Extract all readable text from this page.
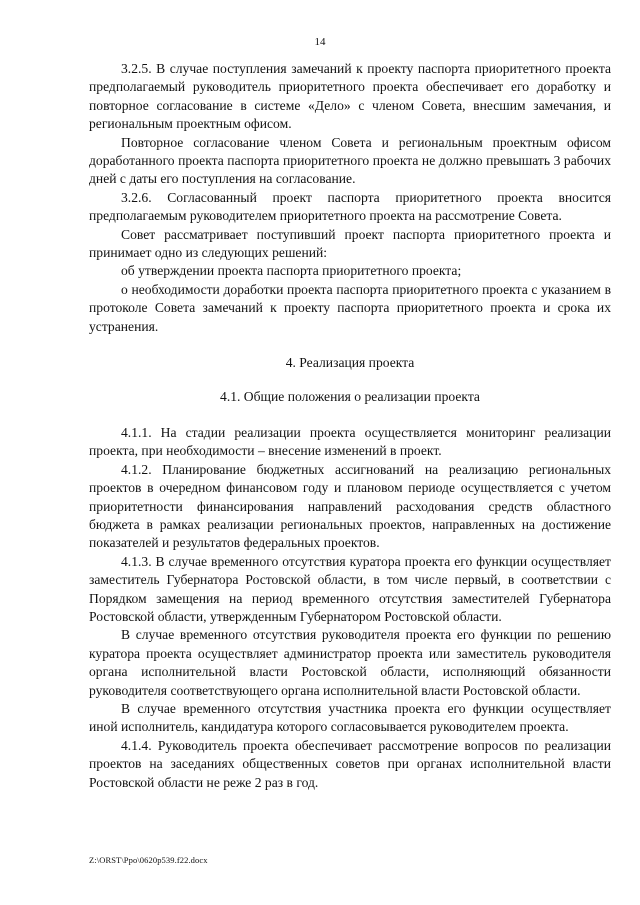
14

3.2.5. В случае поступления замечаний к проекту паспорта приоритетного проекта предполагаемый руководитель приоритетного проекта обеспечивает его доработку и повторное согласование в системе «Дело» с членом Совета, внесшим замечания, и региональным проектным офисом.

Повторное согласование членом Совета и региональным проектным офисом доработанного проекта паспорта приоритетного проекта не должно превышать 3 рабочих дней с даты его поступления на согласование.

3.2.6. Согласованный проект паспорта приоритетного проекта вносится предполагаемым руководителем приоритетного проекта на рассмотрение Совета.

Совет рассматривает поступивший проект паспорта приоритетного проекта и принимает одно из следующих решений:

об утверждении проекта паспорта приоритетного проекта;

о необходимости доработки проекта паспорта приоритетного проекта с указанием в протоколе Совета замечаний к проекту паспорта приоритетного проекта и срока их устранения.

4. Реализация проекта
4.1. Общие положения о реализации проекта

4.1.1. На стадии реализации проекта осуществляется мониторинг реализации проекта, при необходимости – внесение изменений в проект.

4.1.2. Планирование бюджетных ассигнований на реализацию региональных проектов в очередном финансовом году и плановом периоде осуществляется с учетом приоритетности финансирования направлений расходования средств областного бюджета в рамках реализации региональных проектов, направленных на достижение показателей и результатов федеральных проектов.

4.1.3. В случае временного отсутствия куратора проекта его функции осуществляет заместитель Губернатора Ростовской области, в том числе первый, в соответствии с Порядком замещения на период временного отсутствия заместителей Губернатора Ростовской области, утвержденным Губернатором Ростовской области.

В случае временного отсутствия руководителя проекта его функции по решению куратора проекта осуществляет администратор проекта или заместитель руководителя органа исполнительной власти Ростовской области, исполняющий обязанности руководителя соответствующего органа исполнительной власти Ростовской области.

В случае временного отсутствия участника проекта его функции осуществляет иной исполнитель, кандидатура которого согласовывается руководителем проекта.

4.1.4. Руководитель проекта обеспечивает рассмотрение вопросов по реализации проектов на заседаниях общественных советов при органах исполнительной власти Ростовской области не реже 2 раз в год.

Z:\ORST\Ppo\0620p539.f22.docx
